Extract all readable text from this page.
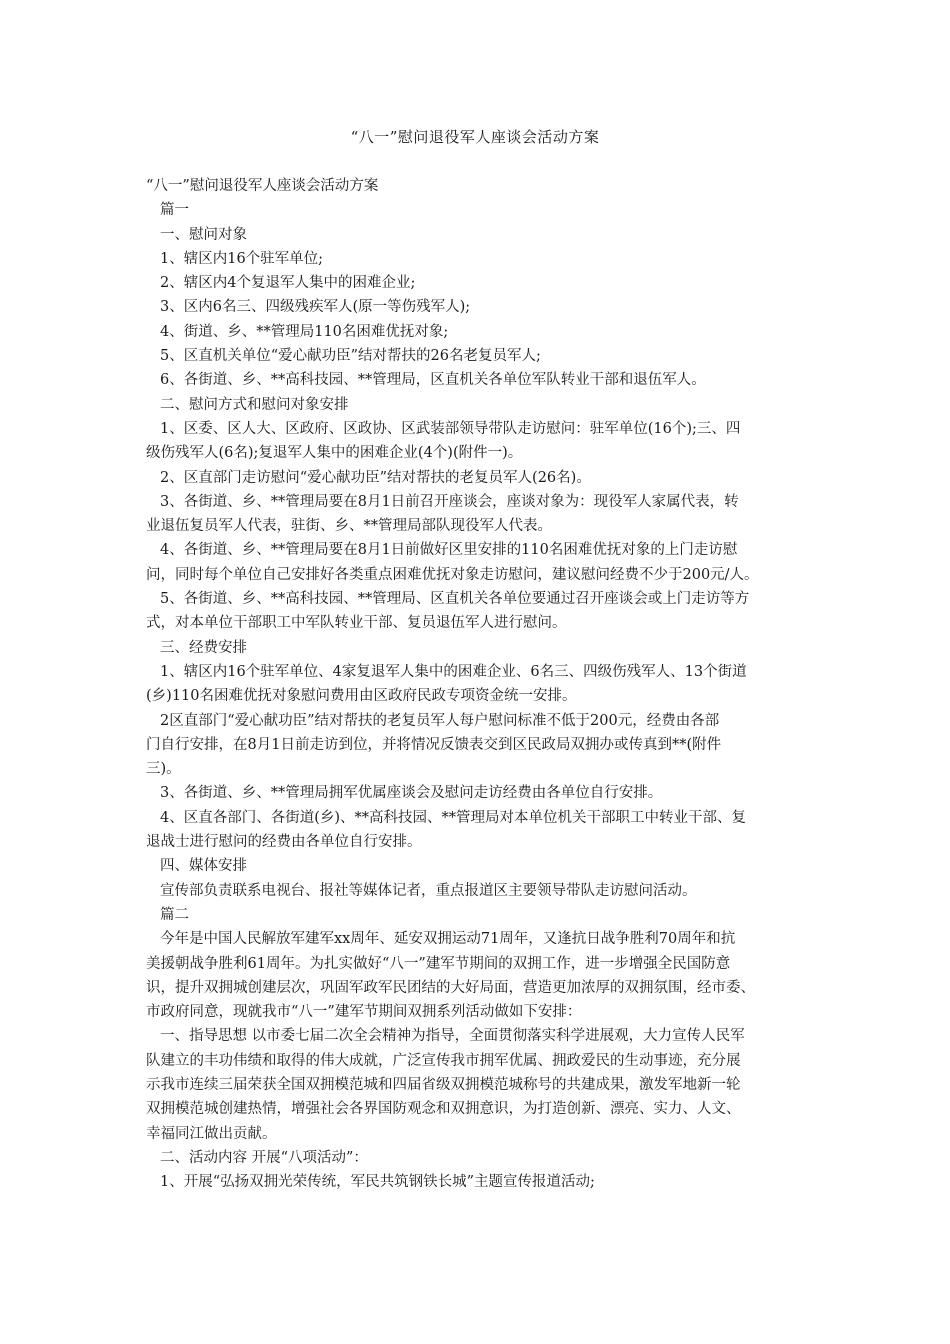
“八一”慰问退役军人座谈会活动方案

“八一”慰问退役军人座谈会活动方案

篇一

一、慰问对象

1、辖区内16个驻军单位;

2、辖区内4个复退军人集中的困难企业;

3、区内6名三、四级残疾军人(原一等伤残军人);

4、街道、乡、**管理局110名困难优抚对象;

5、区直机关单位“爱心献功臣”结对帮扶的26名老复员军人;

6、各街道、乡、**高科技园、**管理局，区直机关各单位军队转业干部和退伍军人。

二、慰问方式和慰问对象安排

1、区委、区人大、区政府、区政协、区武装部领导带队走访慰问：驻军单位(16个);三、四

级伤残军人(6名);复退军人集中的困难企业(4个)(附件一)。

2、区直部门走访慰问“爱心献功臣”结对帮扶的老复员军人(26名)。

3、各街道、乡、**管理局要在8月1日前召开座谈会，座谈对象为：现役军人家属代表，转

业退伍复员军人代表，驻街、乡、**管理局部队现役军人代表。

4、各街道、乡、**管理局要在8月1日前做好区里安排的110名困难优抚对象的上门走访慰

问，同时每个单位自己安排好各类重点困难优抚对象走访慰问，建议慰问经费不少于200元/人。

5、各街道、乡、**高科技园、**管理局、区直机关各单位要通过召开座谈会或上门走访等方

式，对本单位干部职工中军队转业干部、复员退伍军人进行慰问。

三、经费安排

1、辖区内16个驻军单位、4家复退军人集中的困难企业、6名三、四级伤残军人、13个街道

(乡)110名困难优抚对象慰问费用由区政府民政专项资金统一安排。

2区直部门“爱心献功臣”结对帮扶的老复员军人每户慰问标准不低于200元，经费由各部

门自行安排，在8月1日前走访到位，并将情况反馈表交到区民政局双拥办或传真到**(附件

三)。

3、各街道、乡、**管理局拥军优属座谈会及慰问走访经费由各单位自行安排。

4、区直各部门、各街道(乡)、**高科技园、**管理局对本单位机关干部职工中转业干部、复

退战士进行慰问的经费由各单位自行安排。

四、媒体安排

宣传部负责联系电视台、报社等媒体记者，重点报道区主要领导带队走访慰问活动。

篇二

今年是中国人民解放军建军xx周年、延安双拥运动71周年，又逢抗日战争胜利70周年和抗

美援朝战争胜利61周年。为扎实做好“八一”建军节期间的双拥工作，进一步增强全民国防意

识，提升双拥城创建层次，巩固军政军民团结的大好局面，营造更加浓厚的双拥氛围，经市委、

市政府同意，现就我市“八一”建军节期间双拥系列活动做如下安排：

一、指导思想 以市委七届二次全会精神为指导，全面贯彻落实科学进展观，大力宣传人民军

队建立的丰功伟绩和取得的伟大成就，广泛宣传我市拥军优属、拥政爱民的生动事迹，充分展

示我市连续三届荣获全国双拥模范城和四届省级双拥模范城称号的共建成果，激发军地新一轮

双拥模范城创建热情，增强社会各界国防观念和双拥意识，为打造创新、漂亮、实力、人文、

幸福同江做出贡献。

二、活动内容 开展“八项活动”：

1、开展“弘扬双拥光荣传统，军民共筑钢铁长城”主题宣传报道活动;
